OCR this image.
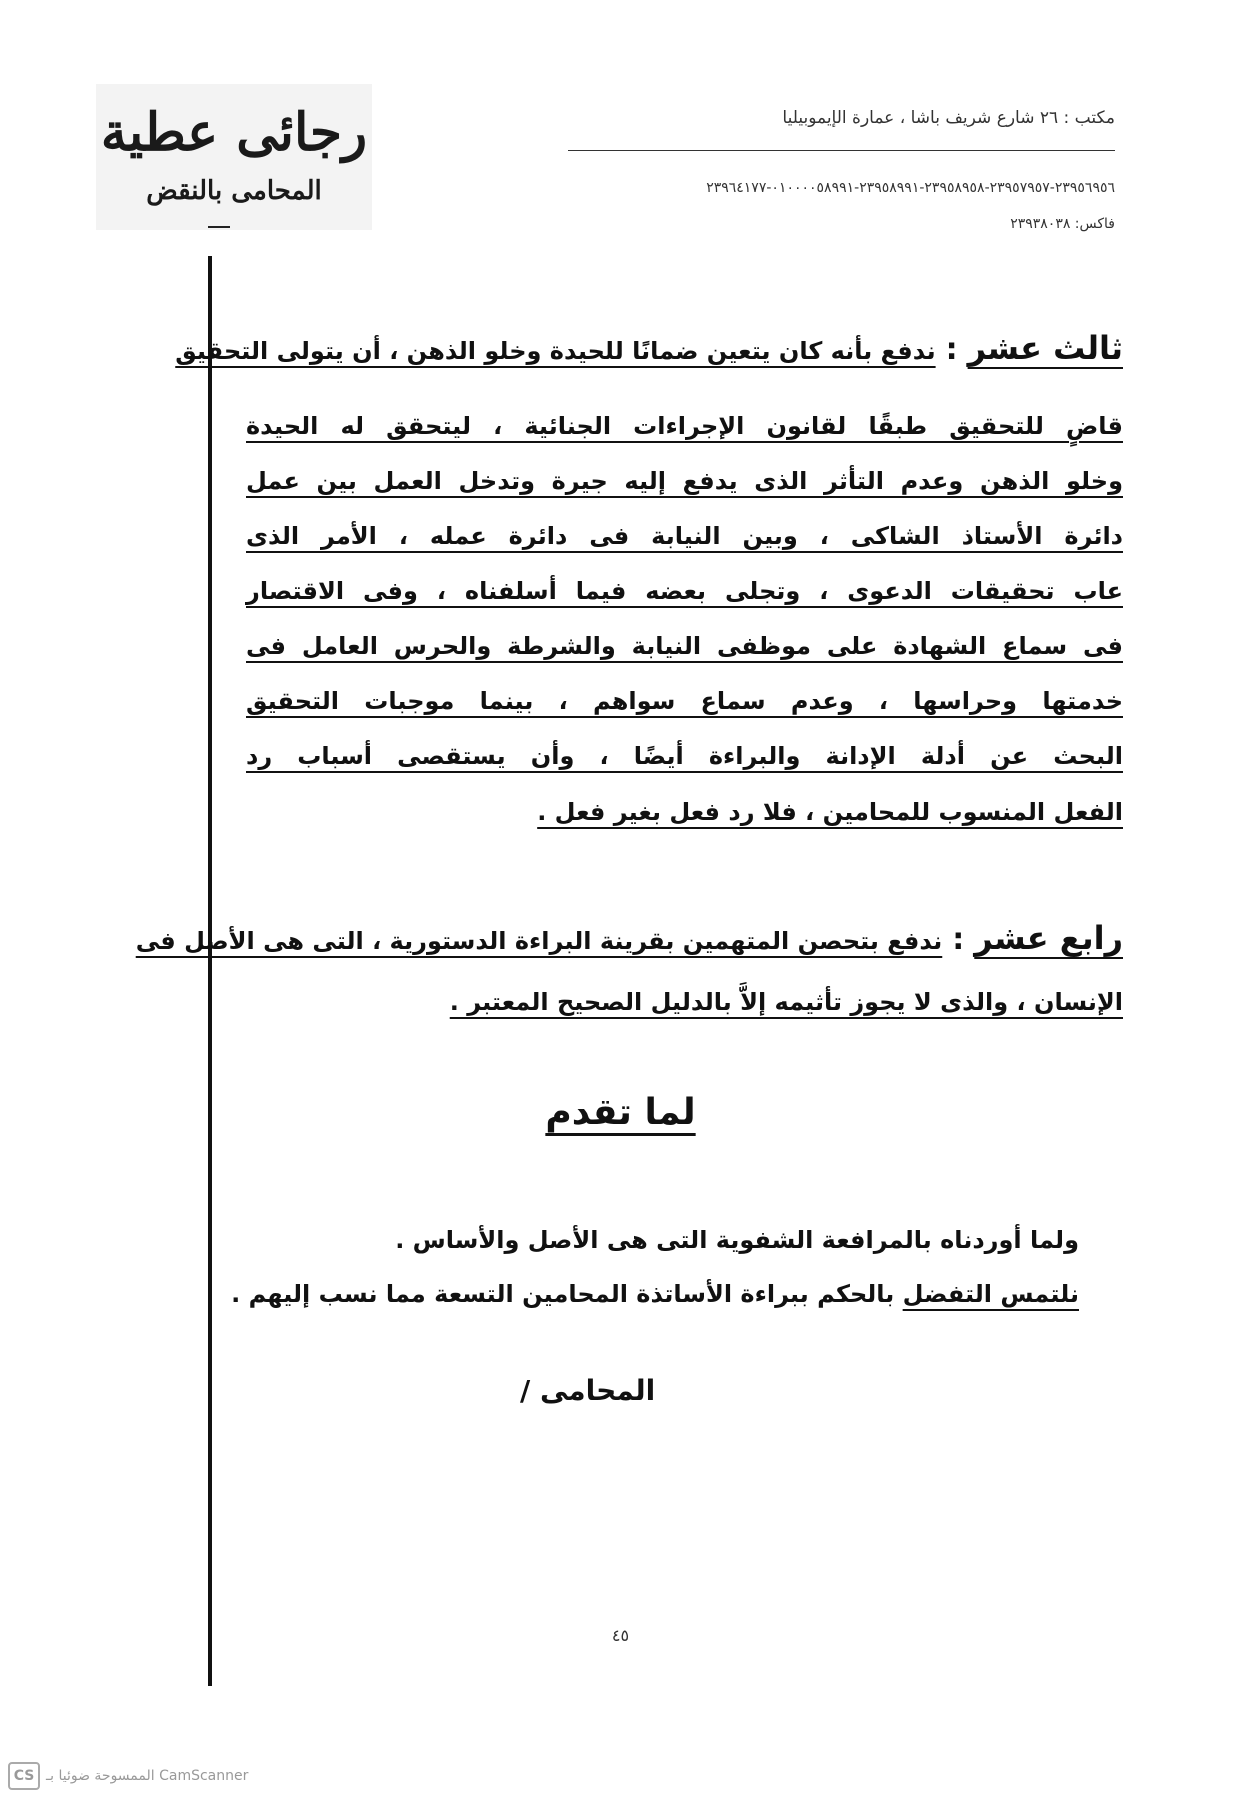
رجائى عطية
المحامى بالنقض
مكتب : ٢٦ شارع شريف باشا ، عمارة الإيموبيليا
٢٣٩٥٦٩٥٦-٢٣٩٥٧٩٥٧-٢٣٩٥٨٩٥٨-٢٣٩٥٨٩٩١-٠١٠٠٠٠٥٨٩٩١-٢٣٩٦٤١٧٧
فاكس: ٢٣٩٣٨٠٣٨
ثالث عشر:ندفع بأنه كان يتعين ضمانًا للحيدة وخلو الذهن ، أن يتولى التحقيق
قاضٍ للتحقيق طبقًا لقانون الإجراءات الجنائية ، ليتحقق له الحيدة
وخلو الذهن وعدم التأثر الذى يدفع إليه جيرة وتدخل العمل بين عمل
دائرة الأستاذ الشاكى ، وبين النيابة فى دائرة عمله ، الأمر الذى
عاب تحقيقات الدعوى ، وتجلى بعضه فيما أسلفناه ، وفى الاقتصار
فى سماع الشهادة على موظفى النيابة والشرطة والحرس العامل فى
خدمتها وحراسها ، وعدم سماع سواهم ، بينما موجبات التحقيق
البحث عن أدلة الإدانة والبراءة أيضًا ، وأن يستقصى أسباب رد
الفعل المنسوب للمحامين ، فلا رد فعل بغير فعل .
رابع عشر:ندفع بتحصن المتهمين بقرينة البراءة الدستورية ، التى هى الأصل فى
الإنسان ، والذى لا يجوز تأثيمه إلاَّ بالدليل الصحيح المعتبر .
لما تقدم
ولما أوردناه بالمرافعة الشفوية التى هى الأصل والأساس .
نلتمس التفضل بالحكم ببراءة الأساتذة المحامين التسعة مما نسب إليهم .
المحامى /
٤٥
CS الممسوحة ضوئيا بـ CamScanner
